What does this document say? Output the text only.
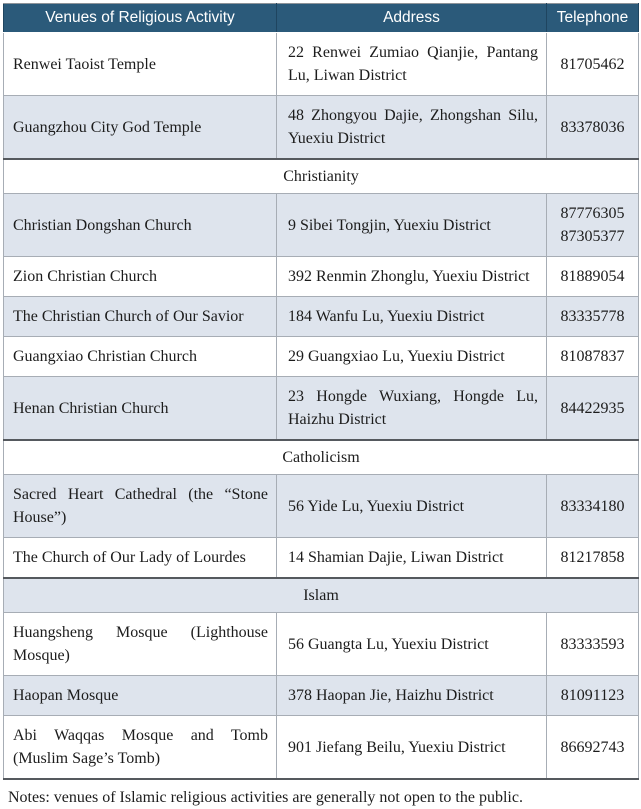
Venues of Religious Activity	Address	Telephone
Renwei Taoist Temple	22 Renwei Zumiao Qianjie, Pantang Lu, Liwan District	81705462

Guangzhou City God Temple	48 Zhongyou Dajie, Zhongshan Silu, Yuexiu District	83378036

Christianity		
Christian Dongshan Church	9 Sibei Tongjin, Yuexiu District	87776305
87305377

Zion Christian Church	392 Renmin Zhonglu, Yuexiu District	81889054

The Christian Church of Our Savior	184 Wanfu Lu, Yuexiu District	83335778

Guangxiao Christian Church	29 Guangxiao Lu, Yuexiu District	81087837

Henan Christian Church	23 Hongde Wuxiang, Hongde Lu, Haizhu District	84422935

Catholicism		
Sacred Heart Cathedral (the “Stone House”)	56 Yide Lu, Yuexiu District	83334180

The Church of Our Lady of Lourdes	14 Shamian Dajie, Liwan District	81217858

Islam		
Huangsheng Mosque (Lighthouse Mosque)	56 Guangta Lu, Yuexiu District	83333593

Haopan Mosque	378 Haopan Jie, Haizhu District	81091123

Abi Waqqas Mosque and Tomb (Muslim Sage’s Tomb)	901 Jiefang Beilu, Yuexiu District	86692743

Notes: venues of Islamic religious activities are generally not open to the public.
